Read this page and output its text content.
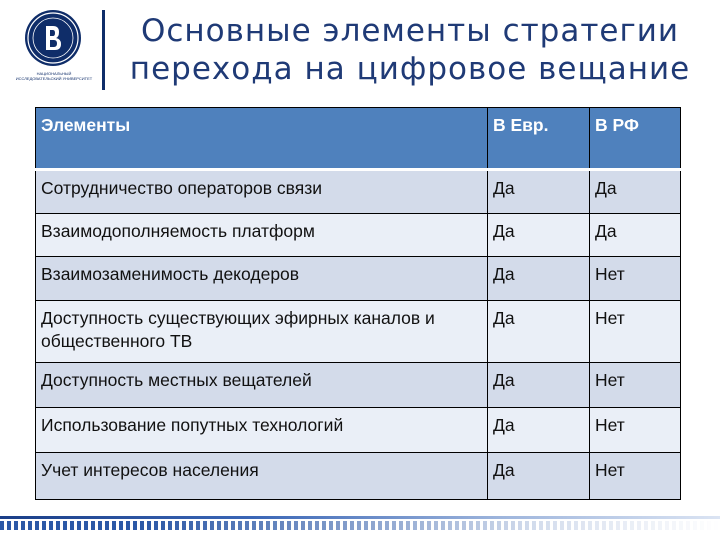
НАЦИОНАЛЬНЫЙ ИССЛЕДОВАТЕЛЬСКИЙ УНИВЕРСИТЕТ
Основные элементы стратегии
перехода на цифровое вещание
Элементы	В Евр.	В РФ
Сотрудничество операторов связи	Да	Да
Взаимодополняемость платформ	Да	Да
Взаимозаменимость декодеров	Да	Нет
Доступность существующих эфирных каналов и общественного ТВ	Да	Нет
Доступность местных вещателей	Да	Нет
Использование попутных технологий	Да	Нет
Учет интересов населения	Да	Нет
